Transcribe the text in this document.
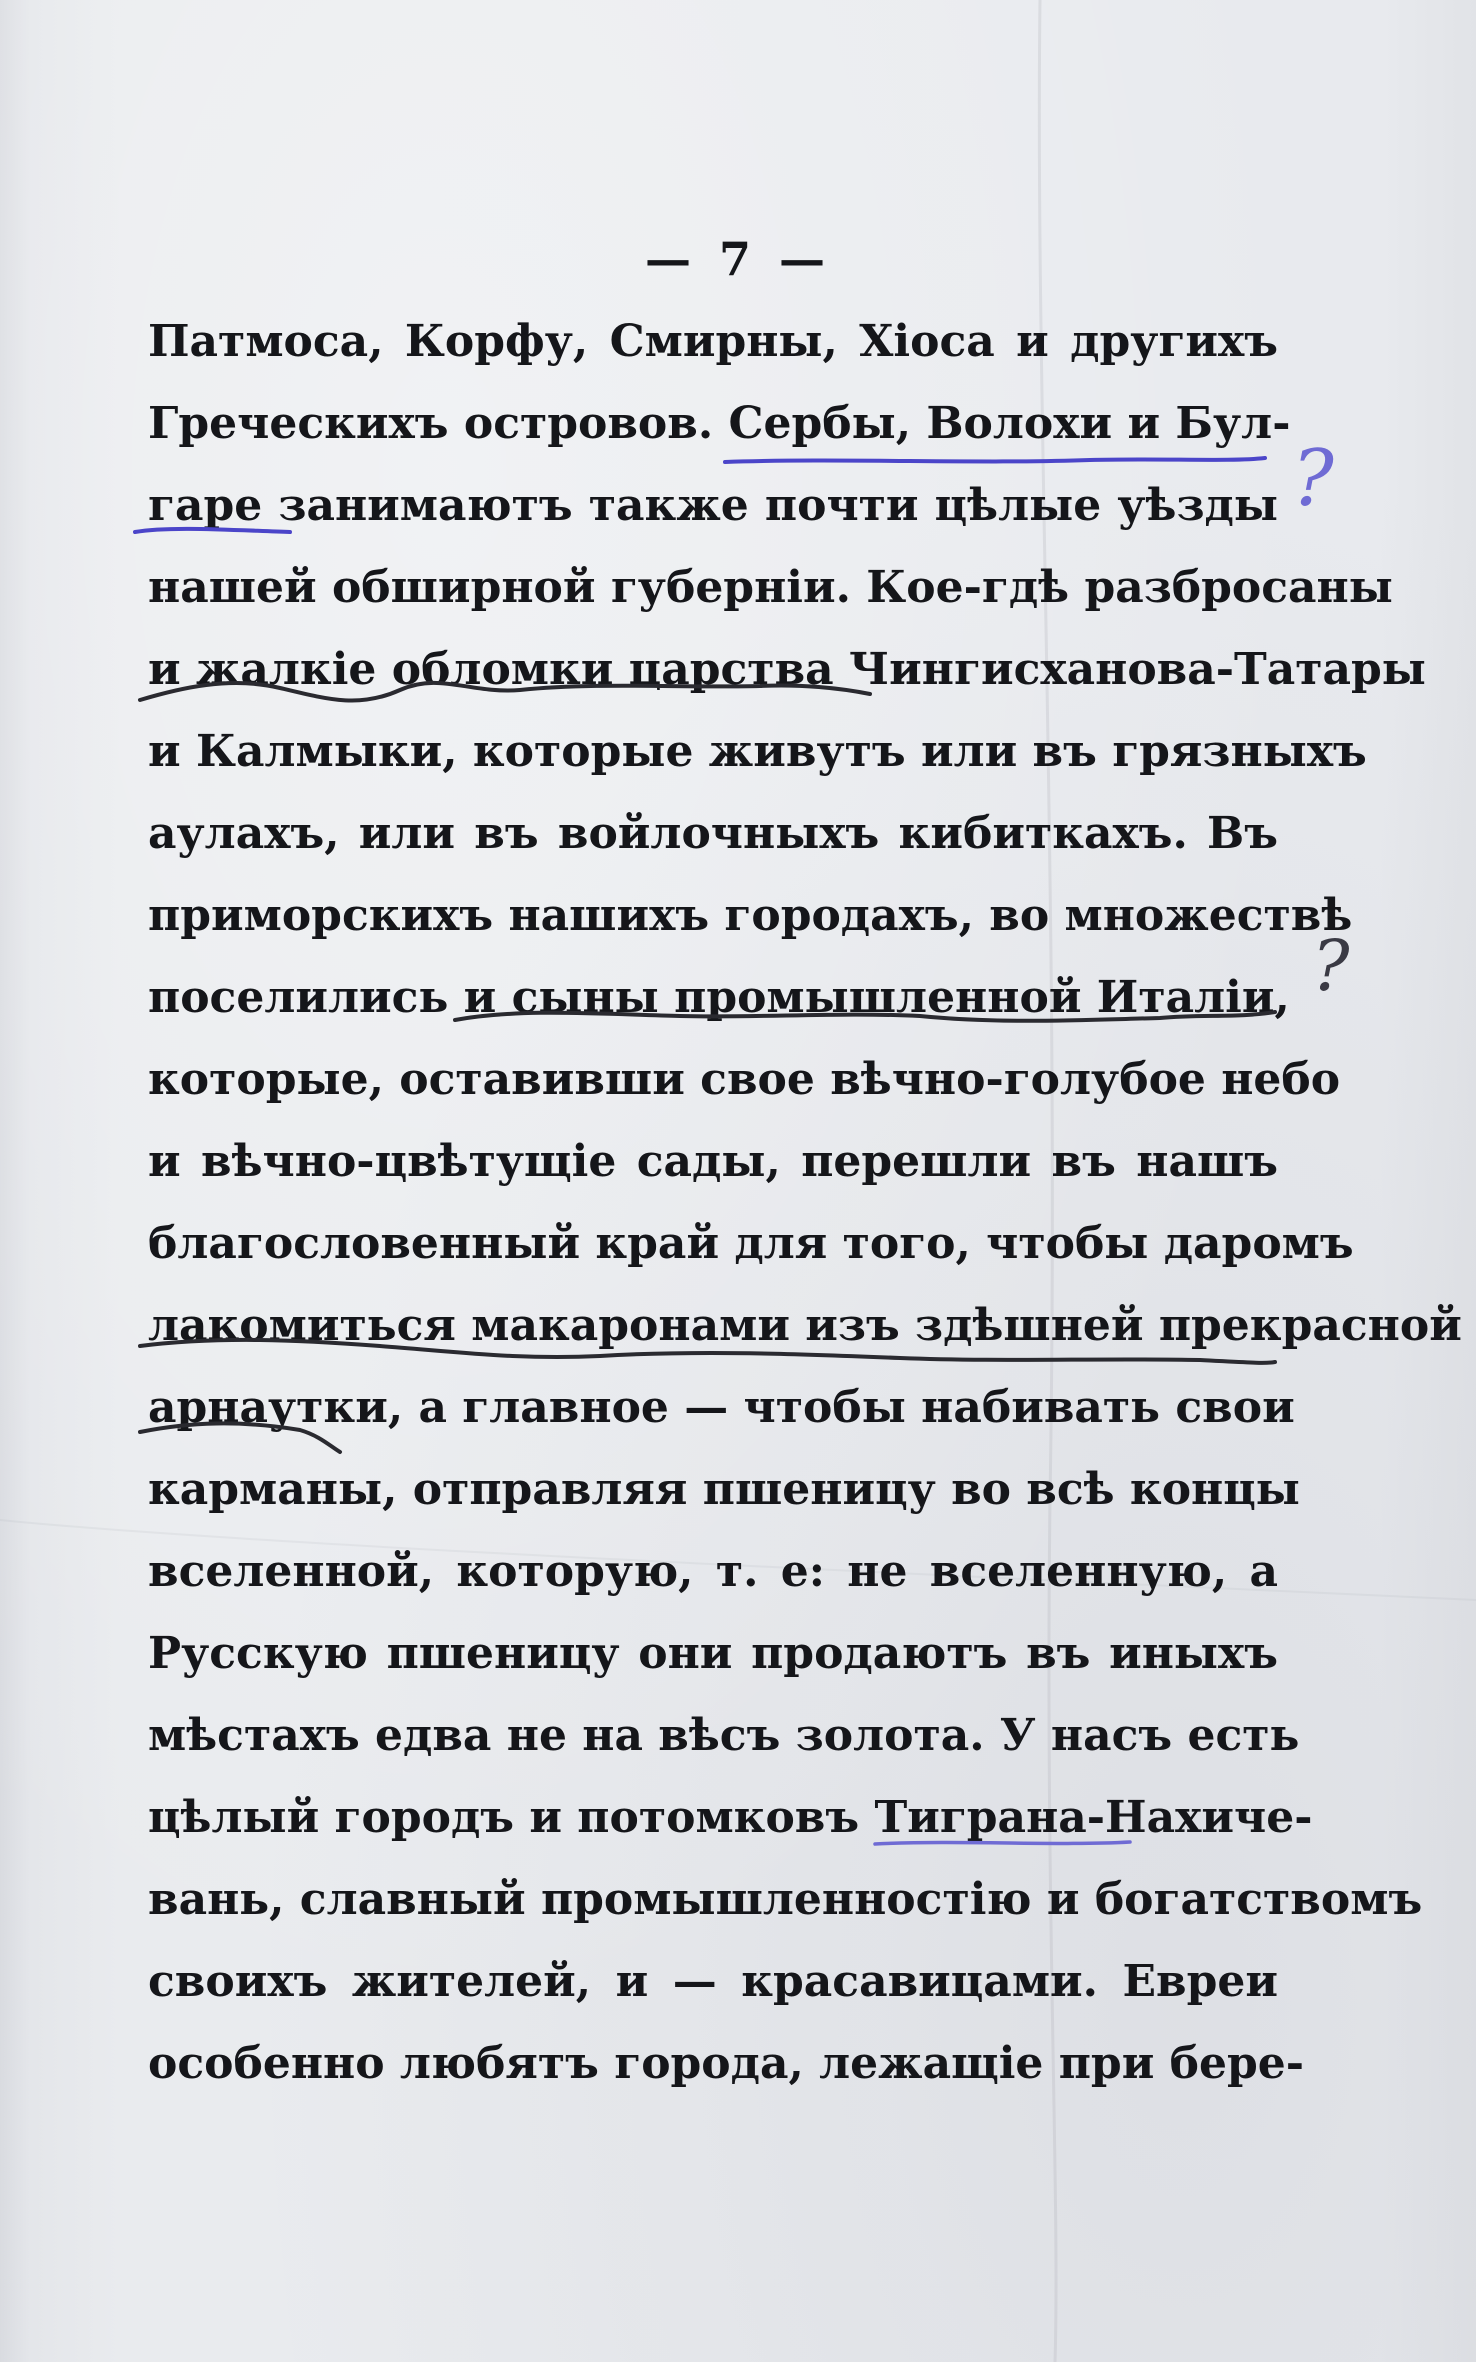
— 7 —
Патмоса, Корфу, Смирны, Хіоса и другихъ
Греческихъ островов. Сербы, Волохи и Бул-
гаре занимаютъ также почти цѣлые уѣзды
нашей обширной губерніи. Кое-гдѣ разбросаны
и жалкіе обломки царства Чингисханова-Татары
и Калмыки, которые живутъ или въ грязныхъ
аулахъ, или въ войлочныхъ кибиткахъ. Въ
приморскихъ нашихъ городахъ, во множествѣ
поселились и сыны промышленной Италіи,
которые, оставивши свое вѣчно-голубое небо
и вѣчно-цвѣтущіе сады, перешли въ нашъ
благословенный край для того, чтобы даромъ
лакомиться макаронами изъ здѣшней прекрасной
арнаутки, а главное — чтобы набивать свои
карманы, отправляя пшеницу во всѣ концы
вселенной, которую, т. е: не вселенную, а
Русскую пшеницу они продаютъ въ иныхъ
мѣстахъ едва не на вѣсъ золота. У насъ есть
цѣлый городъ и потомковъ Тиграна-Нахичe-
вань, славный промышленностію и богатствомъ
своихъ жителей, и — красавицами. Евреи
особенно любятъ города, лежащіе при бере-
?
?
